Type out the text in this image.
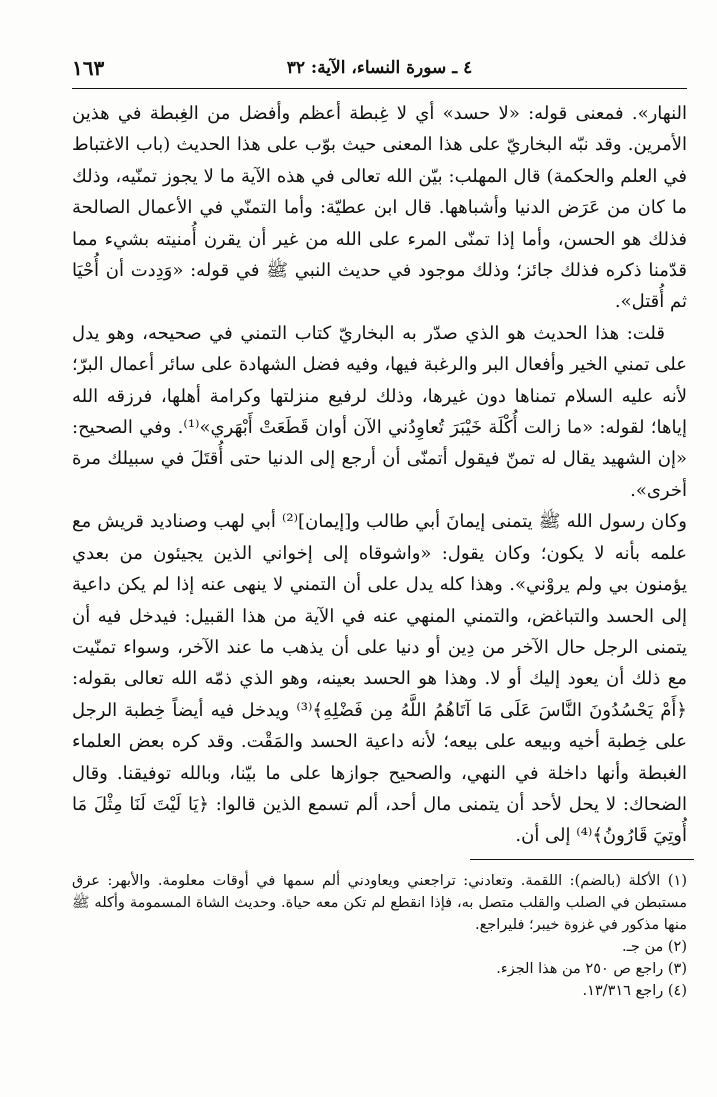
٤ ـ سورة النساء، الآية: ٣٢
١٦٣

النهار». فمعنى قوله: «لا حسد» أي لا غِبطة أعظم وأفضل من الغِبطة في هذين الأمرين. وقد نبّه البخاريّ على هذا المعنى حيث بوّب على هذا الحديث (باب الاغتباط في العلم والحكمة) قال المهلب: بيّن الله تعالى في هذه الآية ما لا يجوز تمنّيه، وذلك ما كان من عَرَض الدنيا وأشباهها. قال ابن عطيّة: وأما التمنّي في الأعمال الصالحة فذلك هو الحسن، وأما إذا تمنّى المرء على الله من غير أن يقرن أُمنيته بشيء مما قدّمنا ذكره فذلك جائز؛ وذلك موجود في حديث النبي ﷺ في قوله: «وَدِدت أن أُحْيَا ثم أُقتل».

قلت: هذا الحديث هو الذي صدّر به البخاريّ كتاب التمني في صحيحه، وهو يدل على تمني الخير وأفعال البر والرغبة فيها، وفيه فضل الشهادة على سائر أعمال البرّ؛ لأنه عليه السلام تمناها دون غيرها، وذلك لرفيع منزلتها وكرامة أهلها، فرزقه الله إياها؛ لقوله: «ما زالت أُكْلَة خَيْبَرَ تُعاوِدُني الآن أوان قَطَعَتْ أَبْهَري»⁽¹⁾. وفي الصحيح: «إن الشهيد يقال له تمنّ فيقول أتمنّى أن أرجع إلى الدنيا حتى أُقتَلَ في سبيلك مرة أخرى».

وكان رسول الله ﷺ يتمنى إيمانَ أبي طالب و[إيمان]⁽²⁾ أبي لهب وصناديد قريش مع علمه بأنه لا يكون؛ وكان يقول: «واشوقاه إلى إخواني الذين يجيئون من بعدي يؤمنون بي ولم يروْني». وهذا كله يدل على أن التمني لا ينهى عنه إذا لم يكن داعية إلى الحسد والتباغض، والتمني المنهي عنه في الآية من هذا القبيل: فيدخل فيه أن يتمنى الرجل حال الآخر من دِين أو دنيا على أن يذهب ما عند الآخر، وسواء تمنّيت مع ذلك أن يعود إليك أو لا. وهذا هو الحسد بعينه، وهو الذي ذمّه الله تعالى بقوله: ﴿أَمْ يَحْسُدُونَ النَّاسَ عَلَى مَا آتَاهُمُ اللَّهُ مِن فَضْلِهِ﴾⁽³⁾ ويدخل فيه أيضاً خِطبة الرجل على خِطبة أخيه وبيعه على بيعه؛ لأنه داعية الحسد والمَقْت. وقد كره بعض العلماء الغبطة وأنها داخلة في النهي، والصحيح جوازها على ما بيّنا، وبالله توفيقنا. وقال الضحاك: لا يحل لأحد أن يتمنى مال أحد، ألم تسمع الذين قالوا: ﴿يَا لَيْتَ لَنَا مِثْلَ مَا أُوتِيَ قَارُونُ﴾⁽⁴⁾ إلى أن.

(١) الأكلة (بالضم): اللقمة. وتعادني: تراجعني ويعاودني ألم سمها في أوقات معلومة. والأبهر: عرق مستبطن في الصلب والقلب متصل به، فإذا انقطع لم تكن معه حياة. وحديث الشاة المسمومة وأكله ﷺ منها مذكور في غزوة خيبر؛ فليراجع.

(٢) من جـ.

(٣) راجع ص ٢٥٠ من هذا الجزء.

(٤) راجع ١٣/٣١٦.
